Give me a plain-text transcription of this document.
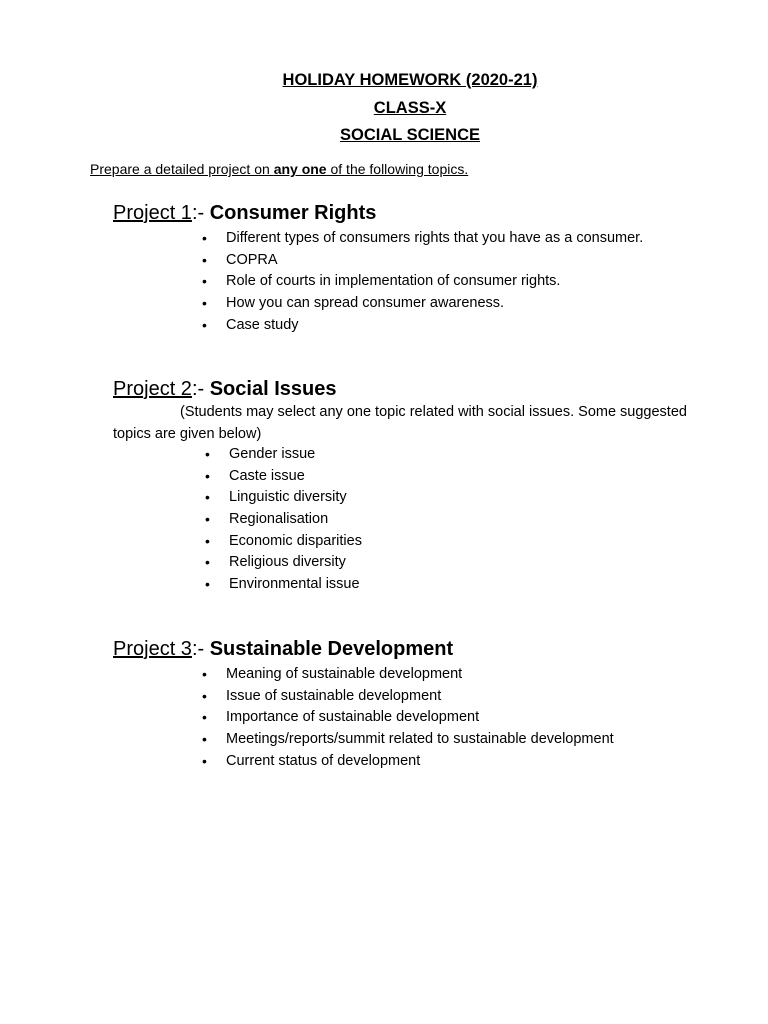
HOLIDAY HOMEWORK (2020-21)
CLASS-X
SOCIAL SCIENCE
Prepare a detailed project on any one of the following topics.
Project 1:- Consumer Rights
• Different types of consumers rights that you have as a consumer.
• COPRA
• Role of courts in implementation of consumer rights.
• How you can spread consumer awareness.
• Case study
Project 2:- Social Issues
(Students may select any one topic related with social issues. Some suggested topics are given below)
• Gender issue
• Caste issue
• Linguistic diversity
• Regionalisation
• Economic disparities
• Religious diversity
• Environmental issue
Project 3:- Sustainable Development
• Meaning of sustainable development
• Issue of sustainable development
• Importance of sustainable development
• Meetings/reports/summit related to sustainable development
• Current status of development
